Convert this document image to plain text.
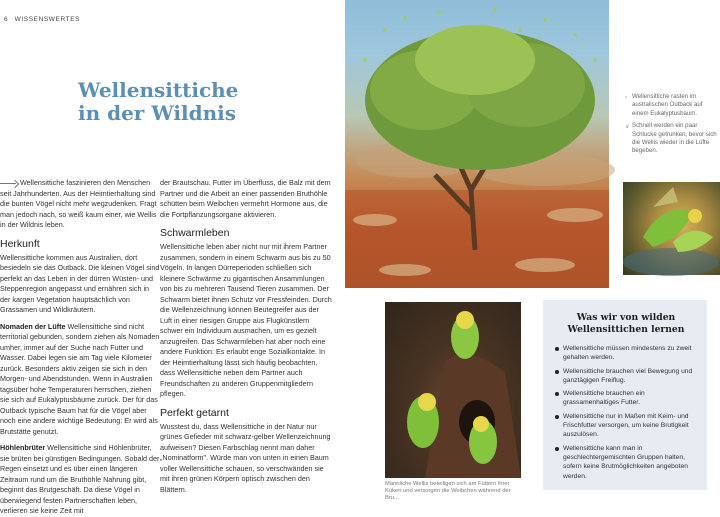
6 WISSENSWERTES
Wellensittiche
in der Wildnis

Wellensittiche faszinieren den Menschen seit Jahrhunderten. Aus der Heimtierhaltung sind die bunten Vögel nicht mehr wegzudenken. Fragt man jedoch nach, so weiß kaum einer, wie Wellis in der Wildnis leben.

Herkunft

Wellensittiche kommen aus Australien, dort besiedeln sie das Outback. Die kleinen Vögel sind perfekt an das Leben in der dürren Wüsten- und Steppenregion angepasst und ernähren sich in der kargen Vegetation hauptsächlich von Grassamen und Wildkräutern.

Nomaden der Lüfte Wellensittiche sind nicht territorial gebunden, sondern ziehen als Nomaden umher, immer auf der Suche nach Futter und Wasser. Dabei legen sie am Tag viele Kilometer zurück. Besonders aktiv zeigen sie sich in den Morgen- und Abendstunden. Wenn in Australien tagsüber hohe Temperaturen herrschen, ziehen sie sich auf Eukalyptusbäume zurück. Der für das Outback typische Baum hat für die Vögel aber noch eine andere wichtige Bedeutung: Er wird als Brutstätte genutzt.

Höhlenbrüter Wellensittiche sind Höhlenbrüter, sie brüten bei günstigen Bedingungen. Sobald der Regen einsetzt und es über einen längeren Zeitraum rund um die Bruthöhle Nahrung gibt, beginnt das Brutgeschäft. Da diese Vögel in überwiegend festen Partnerschaften leben, verlieren sie keine Zeit mit

der Brautschau. Futter im Überfluss, die Balz mit dem Partner und die Arbeit an einer passenden Bruthöhle schütten beim Weibchen vermehrt Hormone aus, die die Fortpflanzungsorgane aktivieren.

Schwarmleben

Wellensittiche leben aber nicht nur mit ihrem Partner zusammen, sondern in einem Schwarm aus bis zu 50 Vögeln. In langen Dürreperioden schließen sich kleinere Schwärme zu gigantischen Ansammlungen von bis zu mehreren Tausend Tieren zusammen. Der Schwarm bietet ihnen Schutz vor Fressfeinden. Durch die Wellenzeichnung können Beutegreifer aus der Luft in einer riesigen Gruppe aus Flugkünstlern schwer ein Individuum ausmachen, um es gezielt anzugreifen. Das Schwarmleben hat aber noch eine andere Funktion: Es erlaubt enge Sozialkontakte. In der Heimtierhaltung lässt sich häufig beobachten, dass Wellensittiche neben dem Partner auch Freundschaften zu anderen Gruppenmitgliedern pflegen.

Perfekt getarnt

Wusstest du, dass Wellensittiche in der Natur nur grünes Gefieder mit schwarz-gelber Wellenzeichnung aufweisen? Diesen Farbschlag nennt man daher „Nominatform". Würde man von unten in einen Baum voller Wellensittiche schauen, so verschwänden sie mit ihren grünen Körpern optisch zwischen den Blättern.

‹ Wellensittiche rasten im australischen Outback auf einem Eukalyptusbaum.

∨ Schnell werden ein paar Schlucke getrunken, bevor sich die Wellis wieder in die Lüfte begeben.

Männliche Wellis beteiligen sich am Füttern ihrer Küken und versorgen die Weibchen während der Bru...
Was wir von wilden
Wellensittichen lernen
Wellensittiche müssen mindestens zu zweit gehalten werden.
Wellensittiche brauchen viel Bewegung und ganztägigen Freiflug.
Wellensittiche brauchen ein grassamenhaltiges Futter.
Wellensittiche nur in Maßen mit Keim- und Frischfutter versorgen, um keine Brutlgkeit auszulösen.
Wellensittiche kann man in geschlechtergemischten Gruppen halten, sofern keine Brutmöglichkeiten angeboten werden.
